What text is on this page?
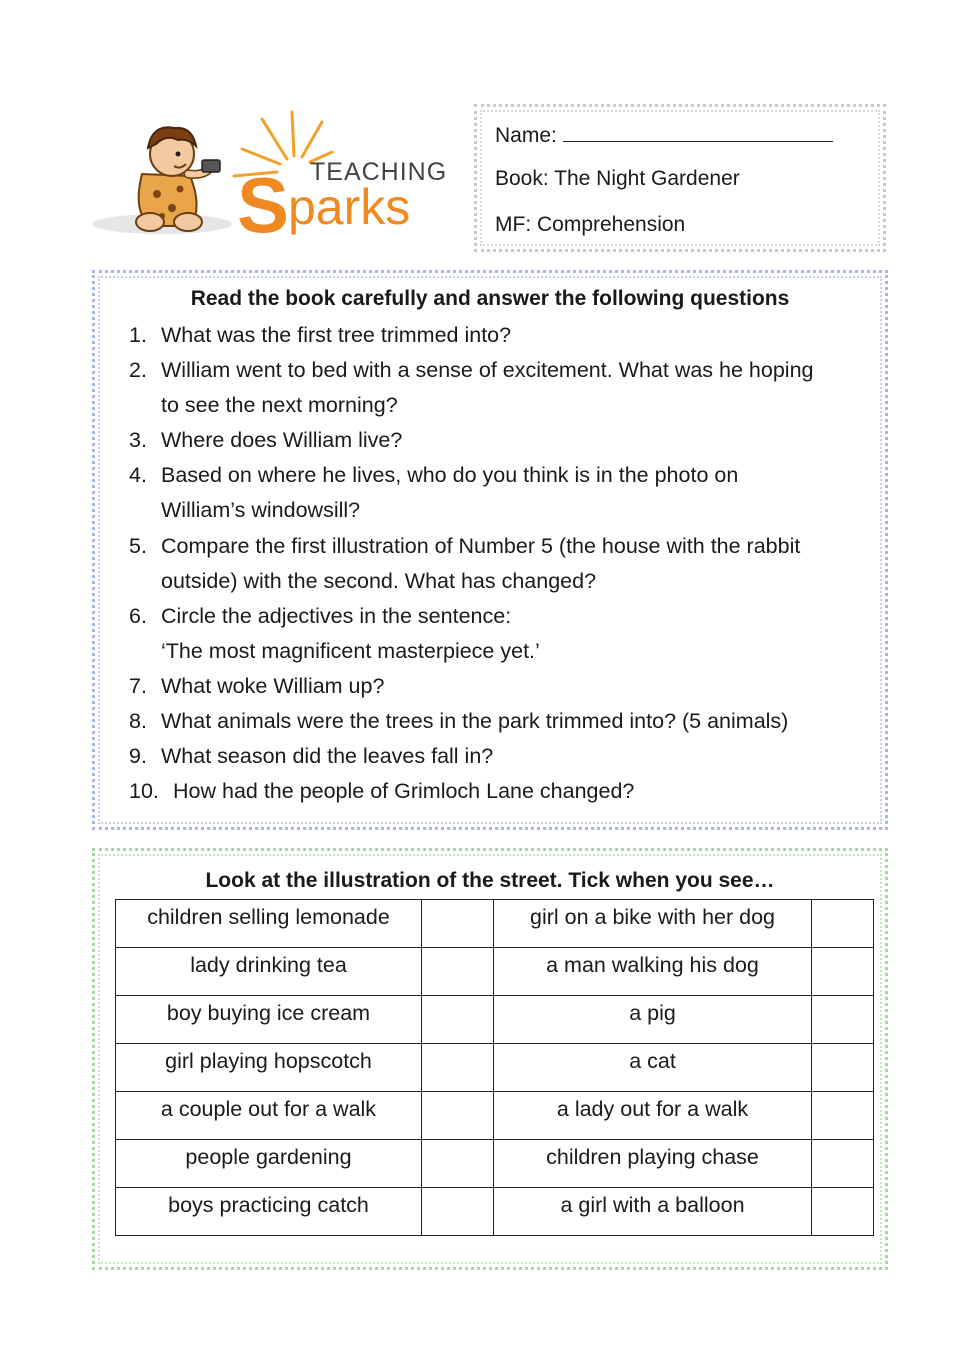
TEACHING
S
parks
Name:
Book: The Night Gardener
MF: Comprehension
Read the book carefully and answer the following questions
1. What was the first tree trimmed into?
2. William went to bed with a sense of excitement. What was he hoping
to see the next morning?
3. Where does William live?
4. Based on where he lives, who do you think is in the photo on
William’s windowsill?
5. Compare the first illustration of Number 5 (the house with the rabbit
outside) with the second. What has changed?
6. Circle the adjectives in the sentence:
‘The most magnificent masterpiece yet.’
7. What woke William up?
8. What animals were the trees in the park trimmed into? (5 animals)
9. What season did the leaves fall in?
10. How had the people of Grimloch Lane changed?
Look at the illustration of the street. Tick when you see…
children selling lemonade		girl on a bike with her dog	
lady drinking tea		a man walking his dog	
boy buying ice cream		a pig	
girl playing hopscotch		a cat	
a couple out for a walk		a lady out for a walk	
people gardening		children playing chase	
boys practicing catch		a girl with a balloon	
